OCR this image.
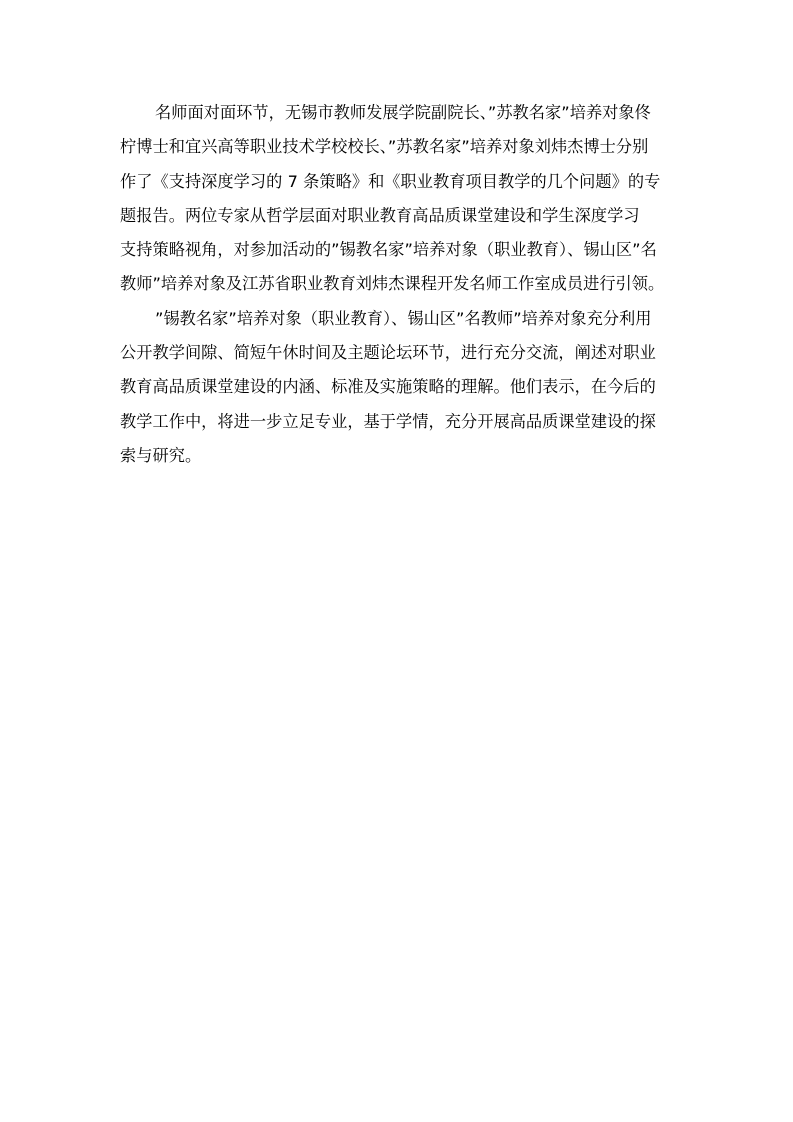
名师面对面环节，无锡市教师发展学院副院长、”苏教名家”培养对象佟
柠博士和宜兴高等职业技术学校校长、”苏教名家”培养对象刘炜杰博士分别
作了《支持深度学习的 7 条策略》和《职业教育项目教学的几个问题》的专
题报告。两位专家从哲学层面对职业教育高品质课堂建设和学生深度学习
支持策略视角，对参加活动的”锡教名家”培养对象（职业教育）、锡山区”名
教师”培养对象及江苏省职业教育刘炜杰课程开发名师工作室成员进行引领。
”锡教名家”培养对象（职业教育）、锡山区”名教师”培养对象充分利用
公开教学间隙、简短午休时间及主题论坛环节，进行充分交流，阐述对职业
教育高品质课堂建设的内涵、标准及实施策略的理解。他们表示，在今后的
教学工作中，将进一步立足专业，基于学情，充分开展高品质课堂建设的探
索与研究。
